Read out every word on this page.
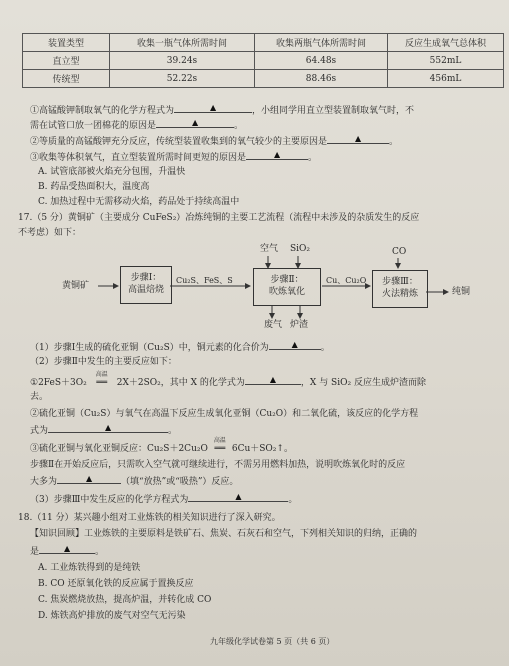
装置类型	收集一瓶气体所需时间	收集两瓶气体所需时间	反应生成氧气总体积
直立型	39.24s	64.48s	552mL
传统型	52.22s	88.46s	456mL
①高锰酸钾制取氧气的化学方程式为	▲	，小组同学用直立型装置制取氧气时，不
需在试管口放一团棉花的原因是	▲	。
②等质量的高锰酸钾充分反应，传统型装置收集到的氧气较少的主要原因是	▲	。
③收集等体积氧气，直立型装置所需时间更短的原因是	▲	。
A. 试管底部被火焰充分包围，升温快
B. 药品受热面积大，温度高
C. 加热过程中无需移动火焰，药品处于持续高温中
17.（5 分）黄铜矿（主要成分 CuFeS₂）冶炼纯铜的主要工艺流程（流程中未涉及的杂质发生的反应
不考虑）如下：
黄铜矿
步骤Ⅰ：
高温焙烧
Cu₂S、FeS、S
空气 SiO₂
步骤Ⅱ：
吹炼氧化
废气 炉渣
Cu、Cu₂O
CO
步骤Ⅲ：
火法精炼	纯铜
（1）步骤Ⅰ生成的硫化亚铜（Cu₂S）中，铜元素的化合价为	▲	。
（2）步骤Ⅱ中发生的主要反应如下：
①2FeS＋3O₂
高温
══ 2X＋2SO₂，其中 X 的化学式为	▲	，X 与 SiO₂ 反应生成炉渣而除
去。
②硫化亚铜（Cu₂S）与氧气在高温下反应生成氧化亚铜（Cu₂O）和二氧化硫，该反应的化学方程
式为	▲	。
③硫化亚铜与氧化亚铜反应：Cu₂S＋2Cu₂O
高温
══ 6Cu＋SO₂↑。
步骤Ⅱ在开始反应后，只需吹入空气就可继续进行，不需另用燃料加热，说明吹炼氧化时的反应
大多为	▲	（填“放热”或“吸热”）反应。
（3）步骤Ⅲ中发生反应的化学方程式为	▲	。
18.（11 分）某兴趣小组对工业炼铁的相关知识进行了深入研究。
【知识回顾】工业炼铁的主要原料是铁矿石、焦炭、石灰石和空气，下列相关知识的归纳，正确的
是	▲	。
A. 工业炼铁得到的是纯铁
B. CO 还原氧化铁的反应属于置换反应
C. 焦炭燃烧放热，提高炉温，并转化成 CO
D. 炼铁高炉排放的废气对空气无污染
九年级化学试卷第 5 页（共 6 页）
